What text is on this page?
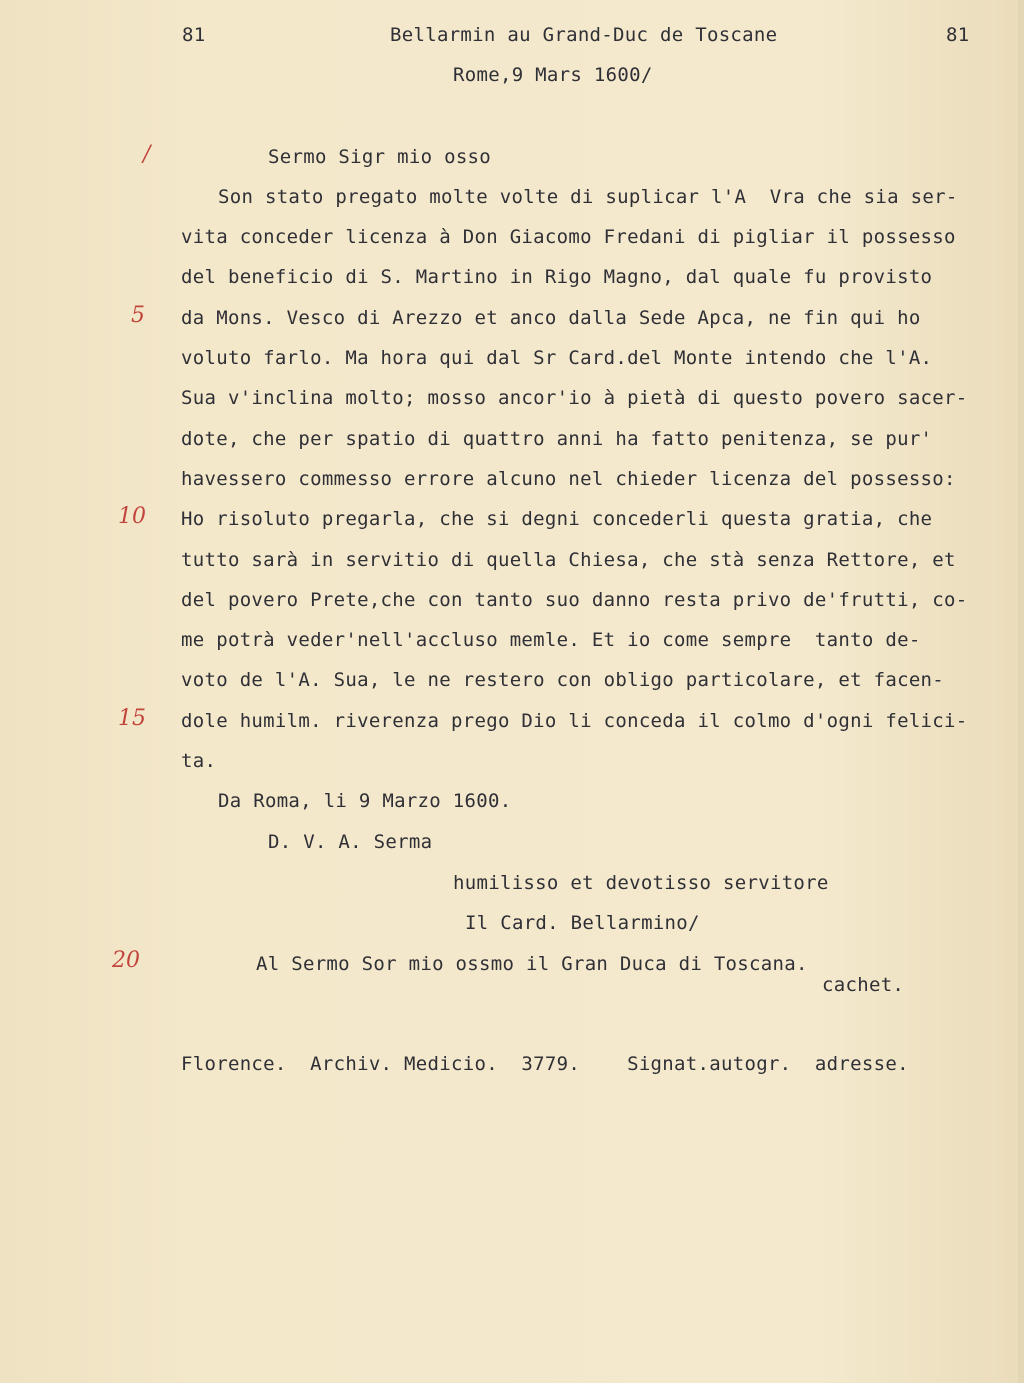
81	Bellarmin au Grand-Duc de Toscane	81
Rome,9 Mars 1600/
/
5
10
15
20
Sermo Sigr mio osso
Son stato pregato molte volte di suplicar l'A  Vra che sia ser-
vita conceder licenza à Don Giacomo Fredani di pigliar il possesso
del beneficio di S. Martino in Rigo Magno, dal quale fu provisto
da Mons. Vesco di Arezzo et anco dalla Sede Apca, ne fin qui ho
voluto farlo. Ma hora qui dal Sr Card.del Monte intendo che l'A.
Sua v'inclina molto; mosso ancor'io à pietà di questo povero sacer-
dote, che per spatio di quattro anni ha fatto penitenza, se pur'
havessero commesso errore alcuno nel chieder licenza del possesso:
Ho risoluto pregarla, che si degni concederli questa gratia, che
tutto sarà in servitio di quella Chiesa, che stà senza Rettore, et
del povero Prete,che con tanto suo danno resta privo de'frutti, co-
me potrà veder'nell'accluso memle. Et io come sempre  tanto de-
voto de l'A. Sua, le ne restero con obligo particolare, et facen-
dole humilm. riverenza prego Dio li conceda il colmo d'ogni felici-
ta.
Da Roma, li 9 Marzo 1600.
D. V. A. Serma
humilisso et devotisso servitore
Il Card. Bellarmino/
Al Sermo Sor mio ossmo il Gran Duca di Toscana.
cachet.
Florence.  Archiv. Medicio.  3779.    Signat.autogr.  adresse.
